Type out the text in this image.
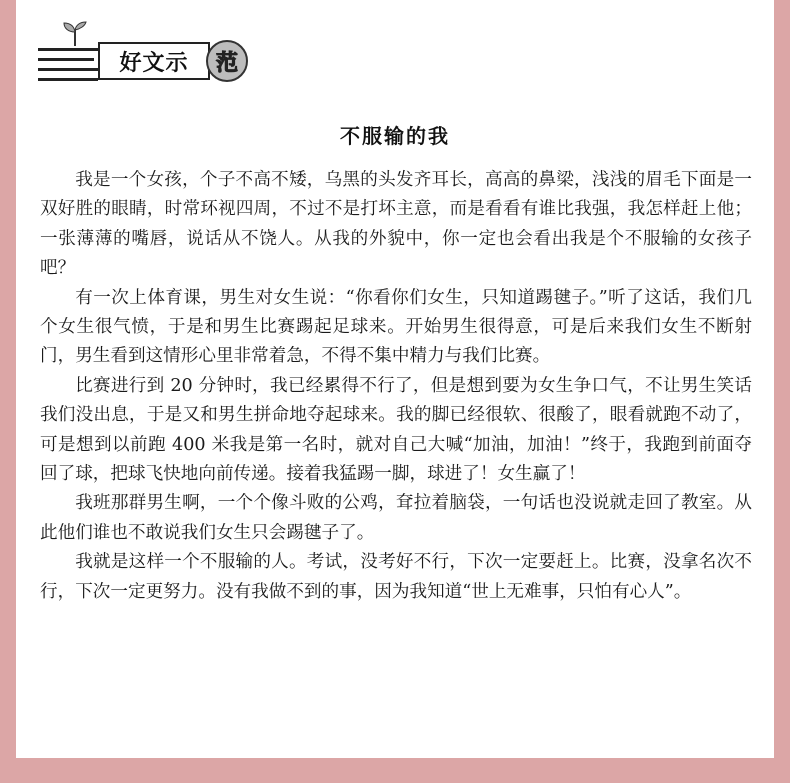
好文示	范
不服输的我

我是一个女孩，个子不高不矮，乌黑的头发齐耳长，高高的鼻梁，浅浅的眉毛下面是一双好胜的眼睛，时常环视四周，不过不是打坏主意，而是看看有谁比我强，我怎样赶上他；一张薄薄的嘴唇，说话从不饶人。从我的外貌中，你一定也会看出我是个不服输的女孩子吧？

有一次上体育课，男生对女生说：“你看你们女生，只知道踢毽子。”听了这话，我们几个女生很气愤，于是和男生比赛踢起足球来。开始男生很得意，可是后来我们女生不断射门，男生看到这情形心里非常着急，不得不集中精力与我们比赛。

比赛进行到 20 分钟时，我已经累得不行了，但是想到要为女生争口气，不让男生笑话我们没出息，于是又和男生拼命地夺起球来。我的脚已经很软、很酸了，眼看就跑不动了，可是想到以前跑 400 米我是第一名时，就对自己大喊“加油，加油！”终于，我跑到前面夺回了球，把球飞快地向前传递。接着我猛踢一脚，球进了！女生赢了！

我班那群男生啊，一个个像斗败的公鸡，耷拉着脑袋，一句话也没说就走回了教室。从此他们谁也不敢说我们女生只会踢毽子了。

我就是这样一个不服输的人。考试，没考好不行，下次一定要赶上。比赛，没拿名次不行，下次一定更努力。没有我做不到的事，因为我知道“世上无难事，只怕有心人”。
